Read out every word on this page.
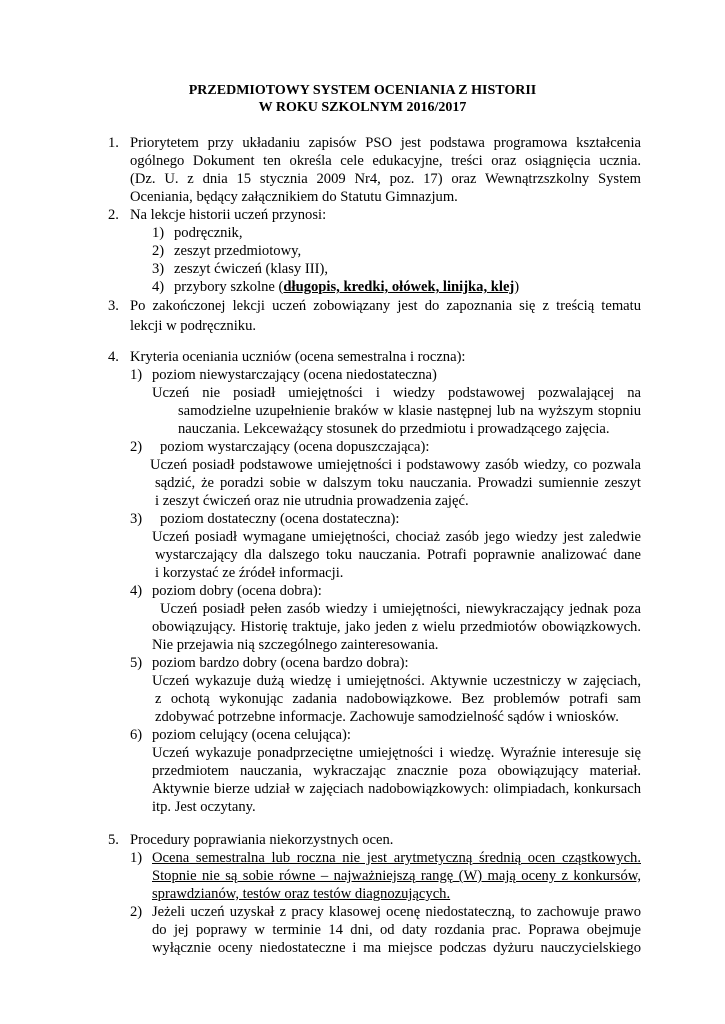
PRZEDMIOTOWY SYSTEM OCENIANIA Z HISTORII
W ROKU SZKOLNYM 2016/2017
1. Priorytetem przy układaniu zapisów PSO jest podstawa programowa kształcenia
ogólnego Dokument ten określa cele edukacyjne, treści oraz osiągnięcia ucznia.
(Dz. U. z dnia 15 stycznia 2009 Nr4, poz. 17) oraz Wewnątrzszkolny System
Oceniania, będący załącznikiem do Statutu Gimnazjum.
2. Na lekcje historii uczeń przynosi:
1) podręcznik,
2) zeszyt przedmiotowy,
3) zeszyt ćwiczeń (klasy III),
4) przybory szkolne (długopis, kredki, ołówek, linijka, klej)
3. Po zakończonej lekcji uczeń zobowiązany jest do zapoznania się z treścią tematu
lekcji w podręczniku.
4. Kryteria oceniania uczniów (ocena semestralna i roczna):
1) poziom niewystarczający (ocena niedostateczna)
Uczeń nie posiadł umiejętności i wiedzy podstawowej pozwalającej na
samodzielne uzupełnienie braków w klasie następnej lub na wyższym stopniu
nauczania. Lekceważący stosunek do przedmiotu i prowadzącego zajęcia.
2) poziom wystarczający (ocena dopuszczająca):
Uczeń posiadł podstawowe umiejętności i podstawowy zasób wiedzy, co pozwala
sądzić, że poradzi sobie w dalszym toku nauczania. Prowadzi sumiennie zeszyt
i zeszyt ćwiczeń oraz nie utrudnia prowadzenia zajęć.
3) poziom dostateczny (ocena dostateczna):
Uczeń posiadł wymagane umiejętności, chociaż zasób jego wiedzy jest zaledwie
wystarczający dla dalszego toku nauczania. Potrafi poprawnie analizować dane
i korzystać ze źródeł informacji.
4) poziom dobry (ocena dobra):
Uczeń posiadł pełen zasób wiedzy i umiejętności, niewykraczający jednak poza
obowiązujący. Historię traktuje, jako jeden z wielu przedmiotów obowiązkowych.
Nie przejawia nią szczególnego zainteresowania.
5) poziom bardzo dobry (ocena bardzo dobra):
Uczeń wykazuje dużą wiedzę i umiejętności. Aktywnie uczestniczy w zajęciach,
z ochotą wykonując zadania nadobowiązkowe. Bez problemów potrafi sam
zdobywać potrzebne informacje. Zachowuje samodzielność sądów i wniosków.
6) poziom celujący (ocena celująca):
Uczeń wykazuje ponadprzeciętne umiejętności i wiedzę. Wyraźnie interesuje się
przedmiotem nauczania, wykraczając znacznie poza obowiązujący materiał.
Aktywnie bierze udział w zajęciach nadobowiązkowych: olimpiadach, konkursach
itp. Jest oczytany.
5. Procedury poprawiania niekorzystnych ocen.
1) Ocena semestralna lub roczna nie jest arytmetyczną średnią ocen cząstkowych.
Stopnie nie są sobie równe – najważniejszą rangę (W) mają oceny z konkursów,
sprawdzianów, testów oraz testów diagnozujących.
2) Jeżeli uczeń uzyskał z pracy klasowej ocenę niedostateczną, to zachowuje prawo
do jej poprawy w terminie 14 dni, od daty rozdania prac. Poprawa obejmuje
wyłącznie oceny niedostateczne i ma miejsce podczas dyżuru nauczycielskiego
